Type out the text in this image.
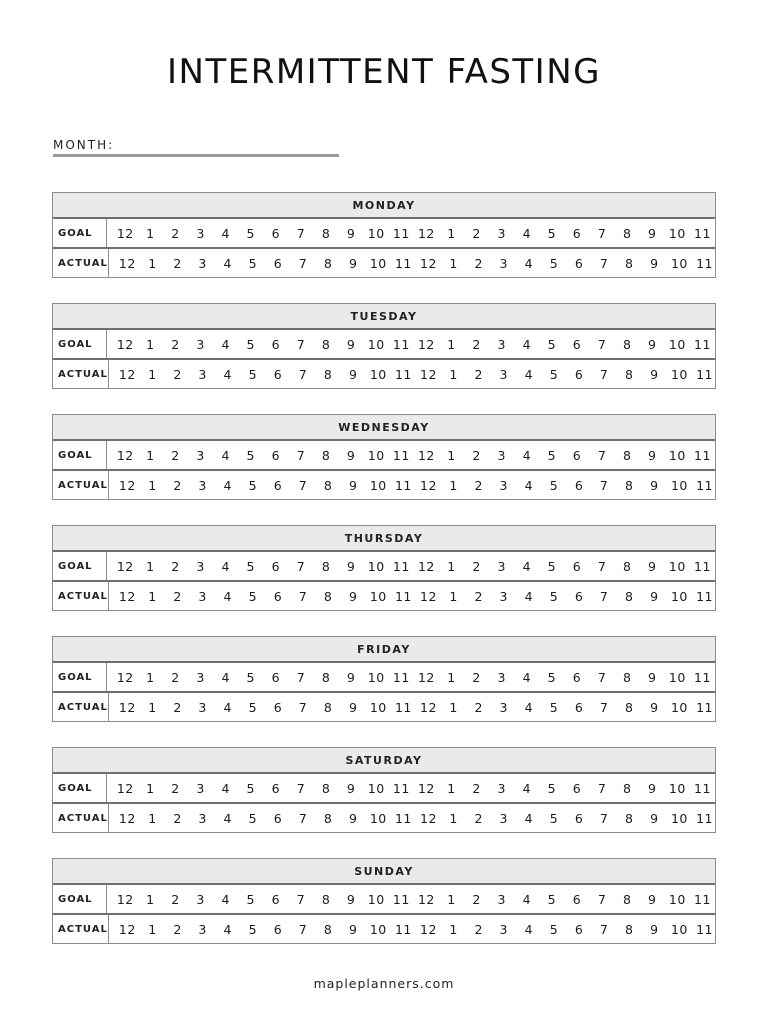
INTERMITTENT FASTING
MONTH:
MONDAY
GOAL	12 1	2	3	4	5	6	7	8	9 10 11 12 1	2	3	4	5	6	7	8	9 10 11
ACTUAL 12 1	2	3	4	5	6	7	8	9 10 11 12 1	2	3	4	5	6	7	8	9 10 11
TUESDAY
GOAL	12 1	2	3	4	5	6	7	8	9 10 11 12 1	2	3	4	5	6	7	8	9 10 11
ACTUAL 12 1	2	3	4	5	6	7	8	9 10 11 12 1	2	3	4	5	6	7	8	9 10 11
WEDNESDAY
GOAL	12 1	2	3	4	5	6	7	8	9 10 11 12 1	2	3	4	5	6	7	8	9 10 11
ACTUAL 12 1	2	3	4	5	6	7	8	9 10 11 12 1	2	3	4	5	6	7	8	9 10 11
THURSDAY
GOAL	12 1	2	3	4	5	6	7	8	9 10 11 12 1	2	3	4	5	6	7	8	9 10 11
ACTUAL 12 1	2	3	4	5	6	7	8	9 10 11 12 1	2	3	4	5	6	7	8	9 10 11
FRIDAY
GOAL	12 1	2	3	4	5	6	7	8	9 10 11 12 1	2	3	4	5	6	7	8	9 10 11
ACTUAL 12 1	2	3	4	5	6	7	8	9 10 11 12 1	2	3	4	5	6	7	8	9 10 11
SATURDAY
GOAL	12 1	2	3	4	5	6	7	8	9 10 11 12 1	2	3	4	5	6	7	8	9 10 11
ACTUAL 12 1	2	3	4	5	6	7	8	9 10 11 12 1	2	3	4	5	6	7	8	9 10 11
SUNDAY
GOAL	12 1	2	3	4	5	6	7	8	9 10 11 12 1	2	3	4	5	6	7	8	9 10 11
ACTUAL 12 1	2	3	4	5	6	7	8	9 10 11 12 1	2	3	4	5	6	7	8	9 10 11
mapleplanners.com
